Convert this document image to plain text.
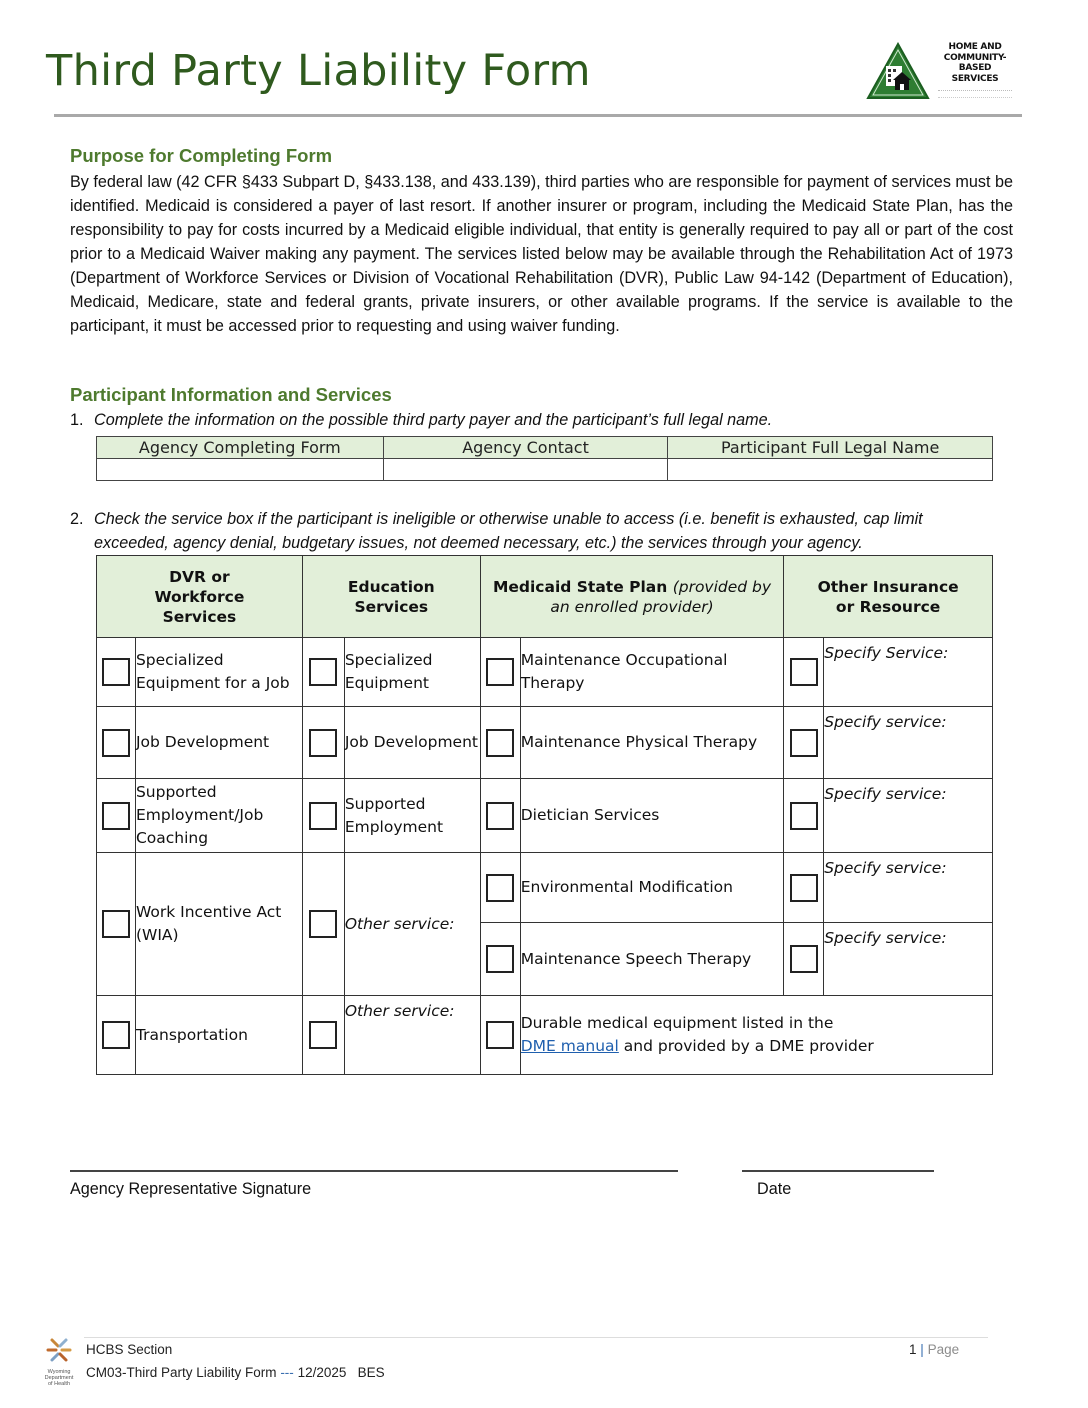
Third Party Liability Form	HOME AND
COMMUNITY-
BASED
SERVICES
Purpose for Completing Form
By federal law (42 CFR §433 Subpart D, §433.138, and 433.139), third parties who are responsible for payment of services must be identified. Medicaid is considered a payer of last resort. If another insurer or program, including the Medicaid State Plan, has the responsibility to pay for costs incurred by a Medicaid eligible individual, that entity is generally required to pay all or part of the cost prior to a Medicaid Waiver making any payment. The services listed below may be available through the Rehabilitation Act of 1973 (Department of Workforce Services or Division of Vocational Rehabilitation (DVR), Public Law 94-142 (Department of Education), Medicaid, Medicare, state and federal grants, private insurers, or other available programs. If the service is available to the participant, it must be accessed prior to requesting and using waiver funding.
Participant Information and Services
1. Complete the information on the possible third party payer and the participant’s full legal name.
Agency Completing Form	Agency Contact	Participant Full Legal Name

2. Check the service box if the participant is ineligible or otherwise unable to access (i.e. benefit is exhausted, cap limit
exceeded, agency denial, budgetary issues, not deemed necessary, etc.) the services through your agency.
DVR or Workforce Services		Education Services		Medicaid State Plan (provided by an enrolled provider)		Other Insurance or Resource	

	Specialized Equipment for a Job		Specialized Equipment		Maintenance Occupational Therapy		Specify Service:

	Job Development		Job Development		Maintenance Physical Therapy		Specify service:

	Supported Employment/Job Coaching		Supported Employment		Dietician Services		Specify service:

	Work Incentive Act (WIA)		Other service:		Environmental Modification		Specify service:

					Maintenance Speech Therapy		Specify service:

	Transportation		Other service:		Durable medical equipment listed in the
DME manual and provided by a DME provider		
Agency Representative Signature	Date
Wyoming
Department
of Health
HCBS Section
CM03-Third Party Liability Form --- 12/2025 BES
1 | Page
